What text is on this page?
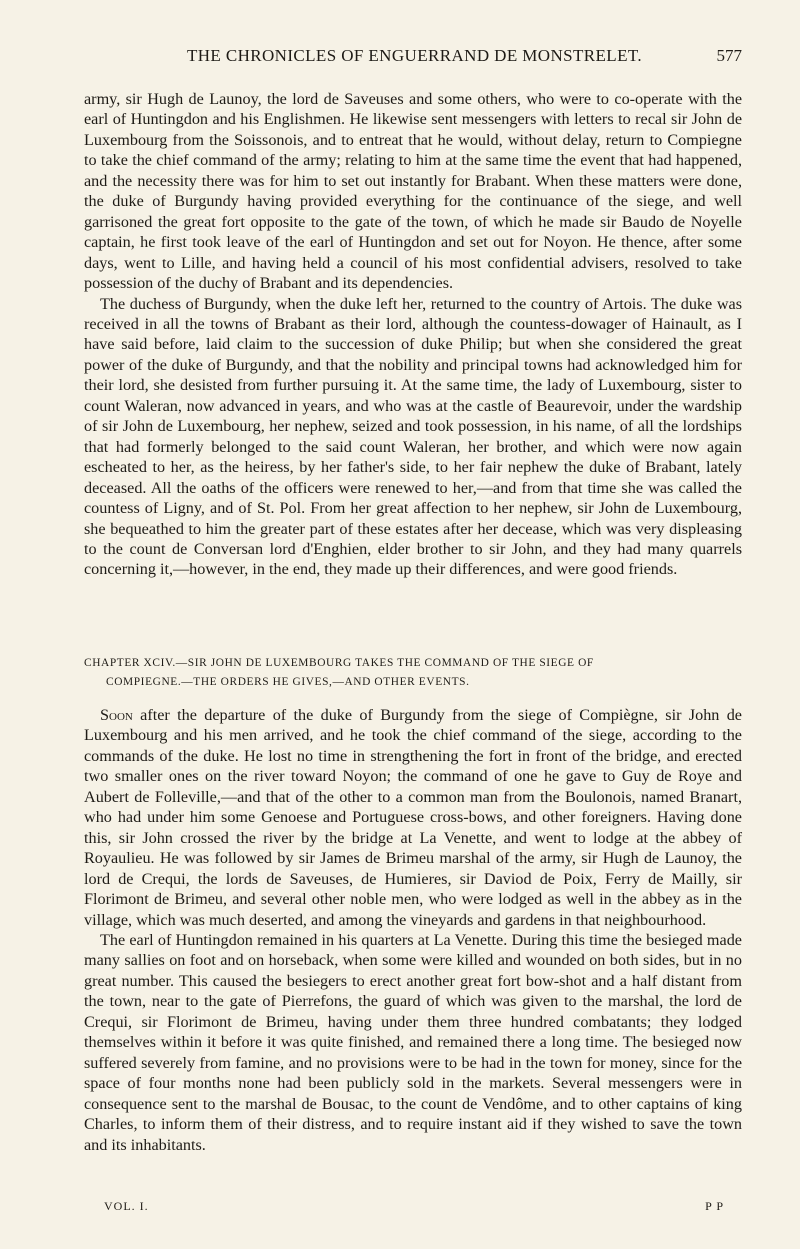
THE CHRONICLES OF ENGUERRAND DE MONSTRELET.	577

army, sir Hugh de Launoy, the lord de Saveuses and some others, who were to co-operate with the earl of Huntingdon and his Englishmen. He likewise sent messengers with letters to recal sir John de Luxembourg from the Soissonois, and to entreat that he would, without delay, return to Compiegne to take the chief command of the army; relating to him at the same time the event that had happened, and the necessity there was for him to set out instantly for Brabant. When these matters were done, the duke of Burgundy having provided everything for the continuance of the siege, and well garrisoned the great fort opposite to the gate of the town, of which he made sir Baudo de Noyelle captain, he first took leave of the earl of Huntingdon and set out for Noyon. He thence, after some days, went to Lille, and having held a council of his most confidential advisers, resolved to take possession of the duchy of Brabant and its dependencies.

The duchess of Burgundy, when the duke left her, returned to the country of Artois. The duke was received in all the towns of Brabant as their lord, although the countess-dowager of Hainault, as I have said before, laid claim to the succession of duke Philip; but when she considered the great power of the duke of Burgundy, and that the nobility and principal towns had acknowledged him for their lord, she desisted from further pursuing it. At the same time, the lady of Luxembourg, sister to count Waleran, now advanced in years, and who was at the castle of Beaurevoir, under the wardship of sir John de Luxembourg, her nephew, seized and took possession, in his name, of all the lordships that had formerly belonged to the said count Waleran, her brother, and which were now again escheated to her, as the heiress, by her father's side, to her fair nephew the duke of Brabant, lately deceased. All the oaths of the officers were renewed to her,—and from that time she was called the countess of Ligny, and of St. Pol. From her great affection to her nephew, sir John de Luxembourg, she bequeathed to him the greater part of these estates after her decease, which was very displeasing to the count de Conversan lord d'Enghien, elder brother to sir John, and they had many quarrels concerning it,—however, in the end, they made up their differences, and were good friends.

CHAPTER XCIV.—SIR JOHN DE LUXEMBOURG TAKES THE COMMAND OF THE SIEGE OF
COMPIEGNE.—THE ORDERS HE GIVES,—AND OTHER EVENTS.

Soon after the departure of the duke of Burgundy from the siege of Compiègne, sir John de Luxembourg and his men arrived, and he took the chief command of the siege, according to the commands of the duke. He lost no time in strengthening the fort in front of the bridge, and erected two smaller ones on the river toward Noyon; the command of one he gave to Guy de Roye and Aubert de Folleville,—and that of the other to a common man from the Boulonois, named Branart, who had under him some Genoese and Portuguese cross-bows, and other foreigners. Having done this, sir John crossed the river by the bridge at La Venette, and went to lodge at the abbey of Royaulieu. He was followed by sir James de Brimeu marshal of the army, sir Hugh de Launoy, the lord de Crequi, the lords de Saveuses, de Humieres, sir Daviod de Poix, Ferry de Mailly, sir Florimont de Brimeu, and several other noble men, who were lodged as well in the abbey as in the village, which was much deserted, and among the vineyards and gardens in that neighbourhood.

The earl of Huntingdon remained in his quarters at La Venette. During this time the besieged made many sallies on foot and on horseback, when some were killed and wounded on both sides, but in no great number. This caused the besiegers to erect another great fort bow-shot and a half distant from the town, near to the gate of Pierrefons, the guard of which was given to the marshal, the lord de Crequi, sir Florimont de Brimeu, having under them three hundred combatants; they lodged themselves within it before it was quite finished, and remained there a long time. The besieged now suffered severely from famine, and no provisions were to be had in the town for money, since for the space of four months none had been publicly sold in the markets. Several messengers were in consequence sent to the marshal de Bousac, to the count de Vendôme, and to other captains of king Charles, to inform them of their distress, and to require instant aid if they wished to save the town and its inhabitants.

VOL. I.	P P
